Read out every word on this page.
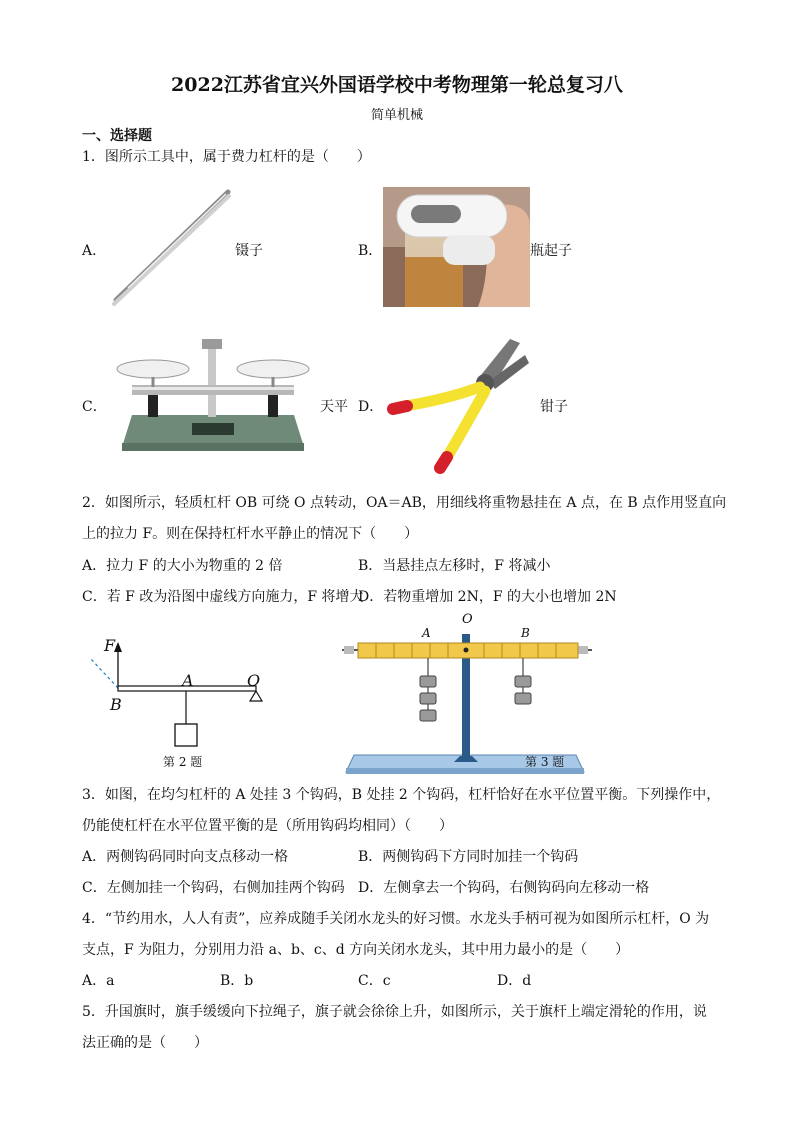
2022江苏省宜兴外国语学校中考物理第一轮总复习八
简单机械
一、选择题
1．图所示工具中，属于费力杠杆的是（　　）
A．	镊子	B．	瓶起子
C．	天平 D．	钳子
2．如图所示，轻质杠杆 OB 可绕 O 点转动，OA＝AB，用细线将重物悬挂在 A 点，在 B 点作用竖直向
上的拉力 F。则在保持杠杆水平静止的情况下（　　）
A．拉力 F 的大小为物重的 2 倍	B．当悬挂点左移时，F 将减小
C．若 F 改为沿图中虚线方向施力，F 将增大
D．若物重增加 2N，F 的大小也增加 2N
F
A	O
B
第 2 题
A
O
B
第 3 题
3．如图，在均匀杠杆的 A 处挂 3 个钩码，B 处挂 2 个钩码，杠杆恰好在水平位置平衡。下列操作中，
仍能使杠杆在水平位置平衡的是（所用钩码均相同）（　　）
A．两侧钩码同时向支点移动一格	B．两侧钩码下方同时加挂一个钩码
C．左侧加挂一个钩码，右侧加挂两个钩码 D．左侧拿去一个钩码，右侧钩码向左移动一格
4．“节约用水，人人有责”，应养成随手关闭水龙头的好习惯。水龙头手柄可视为如图所示杠杆，O 为
支点，F 为阻力，分别用力沿 a、b、c、d 方向关闭水龙头，其中用力最小的是（　　）
A．a	B．b	C．c	D．d
5．升国旗时，旗手缓缓向下拉绳子，旗子就会徐徐上升，如图所示，关于旗杆上端定滑轮的作用，说
法正确的是（　　）
